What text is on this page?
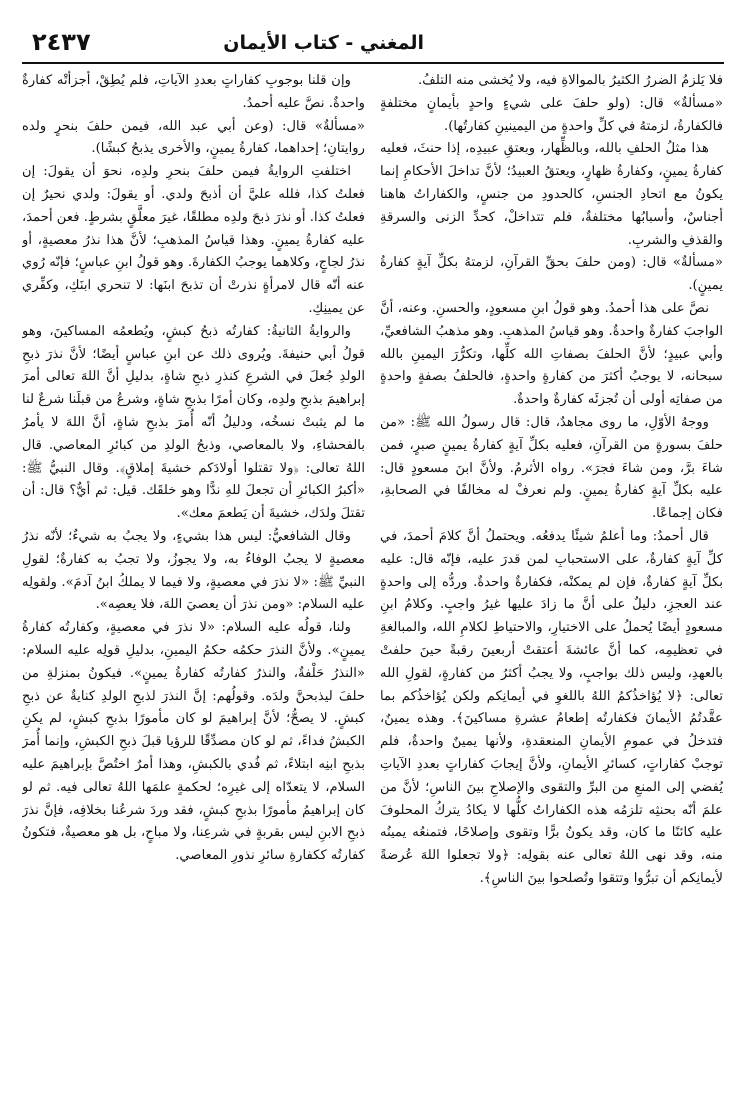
المغني - كتاب الأيمان
٢٤٣٧

فلا يَلزمُ الضررُ الكثيرُ بالموالاةِ فيه، ولا يُخشى منه التلفُ.

«مسألةٌ» قال: (ولو حلفَ على شيءٍ واحدٍ بأيمانٍ مختلفةٍ فالكفارةُ، لزمتهُ في كلِّ واحدةٍ من اليمينينِ كفارتُها).

هذا مثلُ الحلفِ بالله، وبالظِّهار، وبعتقِ عبيدِه، إذا حنثَ، فعليه كفارةُ يمينٍ، وكفارةُ ظهارٍ، ويعتقُ العبيدُ؛ لأنَّ تداخلَ الأحكامِ إنما يكونُ مع اتحادِ الجنسِ، كالحدودِ من جنسٍ، والكفاراتُ هاهنا أجناسٌ، وأسبابُها مختلفةٌ، فلم تتداخلْ، كحدِّ الزنى والسرقةِ والقذفِ والشربِ.

«مسألةٌ» قال: (ومن حلفَ بحقِّ القرآنِ، لزمتهُ بكلِّ آيةٍ كفارةُ يمينٍ).

نصَّ على هذا أحمدُ. وهو قولُ ابنِ مسعودٍ، والحسنِ. وعنه، أنَّ الواجبَ كفارةٌ واحدةٌ. وهو قياسُ المذهبِ. وهو مذهبُ الشافعيِّ، وأبي عبيدٍ؛ لأنَّ الحلفَ بصفاتِ الله كلِّها، وتكرُّرَ اليمينِ بالله سبحانه، لا يوجبُ أكثرَ من كفارةٍ واحدةٍ، فالحلفُ بصفةٍ واحدةٍ من صفاتِه أولى أن تُجزئَه كفارةٌ واحدةٌ.

ووجهُ الأوّلِ، ما روى مجاهدٌ، قال: قال رسولُ الله ﷺ: «من حلفَ بسورةٍ من القرآنِ، فعليه بكلِّ آيةٍ كفارةُ يمينٍ صبرٍ، فمن شاءَ برَّ، ومن شاءَ فجرَ». رواه الأثرمُ. ولأنَّ ابنَ مسعودٍ قال: عليه بكلِّ آيةٍ كفارةُ يمينٍ. ولم نعرفْ له مخالفًا في الصحابةِ، فكان إجماعًا.

قال أحمدُ: وما أعلمُ شيئًا يدفعُه. ويحتملُ أنَّ كلامَ أحمدَ، في كلِّ آيةٍ كفارةٌ، على الاستحبابِ لمن قدرَ عليه، فإنّه قال: عليه بكلِّ آيةٍ كفارةٌ، فإن لم يمكنْه، فكفارةٌ واحدةٌ. وردُّه إلى واحدةٍ عند العجزِ، دليلٌ على أنَّ ما زادَ عليها غيرُ واجبٍ. وكلامُ ابنِ مسعودٍ أيضًا يُحملُ على الاختيارِ، والاحتياطِ لكلامِ الله، والمبالغةِ في تعظيمِه، كما أنَّ عائشةَ أعتقتْ أربعينَ رقبةً حينَ حلفتْ بالعهدِ، وليس ذلك بواجبٍ، ولا يجبُ أكثرُ من كفارةٍ، لقولِ الله تعالى: ﴿لا يُؤاخذُكمُ اللهُ باللغوِ في أيمانِكم ولكن يُؤاخذُكم بما عقَّدتُمُ الأيمانَ فكفارتُه إطعامُ عشرةِ مساكينَ﴾. وهذه يمينٌ، فتدخلُ في عمومِ الأيمانِ المنعقدةِ، ولأنها يمينٌ واحدةٌ، فلم توجبْ كفاراتٍ، كسائرِ الأيمانِ، ولأنَّ إيجابَ كفاراتٍ بعددِ الآياتِ يُفضي إلى المنعِ من البرِّ والتقوى والإصلاحِ بينَ الناسِ؛ لأنَّ من علمَ أنّه بحنثِه تلزمُه هذه الكفاراتُ كلُّها لا يكادُ يتركُ المحلوفَ عليه كائنًا ما كان، وقد يكونُ برًّا وتقوى وإصلاحًا، فتمنعُه يمينُه منه، وقد نهى اللهُ تعالى عنه بقولِه: ﴿ولا تجعلوا اللهَ عُرضةً لأيمانِكم أن تبرُّوا وتتقوا وتُصلحوا بينَ الناسِ﴾.

وإن قلنا بوجوبِ كفاراتٍ بعددِ الآياتِ، فلم يُطِقْ، أجزأتْه كفارةٌ واحدةٌ. نصَّ عليه أحمدُ.

«مسألةٌ» قال: (وعن أبي عبد الله، فيمن حلفَ بنحرٍ ولده روايتانِ؛ إحداهما، كفارةُ يمينٍ، والأخرى يذبحُ كبشًا).

اختلفتِ الروايةُ فيمن حلفَ بنحرِ ولدِه، نحوَ أن يقولَ: إن فعلتُ كذا، فلله عليَّ أن أذبحَ ولدي. أو يقولَ: ولدي نحيرٌ إن فعلتُ كذا. أو نذرَ ذبحَ ولدِه مطلقًا، غيرَ معلَّقٍ بشرطٍ. فعن أحمدَ، عليه كفارةُ يمينٍ. وهذا قياسُ المذهبِ؛ لأنَّ هذا نذرُ معصيةٍ، أو نذرُ لجاجٍ، وكلاهما يوجبُ الكفارةَ. وهو قولُ ابنِ عباسٍ؛ فإنّه رُوي عنه أنّه قال لامرأةٍ نذرتْ أن تذبحَ ابنَها: لا تنحري ابنَكِ، وكفِّري عن يمينِكِ.

والروايةُ الثانيةُ: كفارتُه ذبحُ كبشٍ، ويُطعمُه المساكينَ، وهو قولُ أبي حنيفةَ. ويُروى ذلك عن ابنِ عباسٍ أيضًا؛ لأنَّ نذرَ ذبحِ الولدِ جُعلَ في الشرعِ كنذرِ ذبحِ شاةٍ، بدليلِ أنَّ اللهَ تعالى أمرَ إبراهيمَ بذبحِ ولدِه، وكان أمرًا بذبحِ شاةٍ، وشرعُ من قبلَنا شرعٌ لنا ما لم يثبتْ نسخُه، ودليلُ أنّه أُمرَ بذبحِ شاةٍ، أنَّ اللهَ لا يأمرُ بالفحشاءِ، ولا بالمعاصي، وذبحُ الولدِ من كبائرِ المعاصي. قال اللهُ تعالى: ﴿ولا تقتلوا أولادَكم خشيةَ إملاقٍ﴾. وقال النبيُّ ﷺ: «أكبرُ الكبائرِ أن تجعلَ للهِ ندًّا وهو خلقَك. قيل: ثم أيٌّ؟ قال: أن تقتلَ ولدَك، خشيةَ أن يَطعمَ معك».

وقال الشافعيُّ: ليس هذا بشيءٍ، ولا يجبُ به شيءٌ؛ لأنّه نذرُ معصيةٍ لا يجبُ الوفاءُ به، ولا يجوزُ، ولا تجبُ به كفارةٌ؛ لقولِ النبيِّ ﷺ: «لا نذرَ في معصيةٍ، ولا فيما لا يملكُ ابنُ آدمَ». ولقولِه عليه السلام: «ومن نذرَ أن يعصيَ اللهَ، فلا يعصِه».

ولنا، قولُه عليه السلام: «لا نذرَ في معصيةٍ، وكفارتُه كفارةُ يمينٍ». ولأنَّ النذرَ حكمُه حكمُ اليمينِ، بدليلِ قولِه عليه السلام: «النذرُ حَلْفةٌ، والنذرُ كفارتُه كفارةُ يمينٍ». فيكونُ بمنزلةِ من حلفَ ليذبحنَّ ولدَه. وقولُهم: إنَّ النذرَ لذبحِ الولدِ كنايةٌ عن ذبحِ كبشٍ. لا يصحُّ؛ لأنَّ إبراهيمَ لو كان مأمورًا بذبحِ كبشٍ، لم يكنِ الكبشُ فداءً، ثم لو كان مصدِّقًا للرؤيا قبلَ ذبحِ الكبشِ، وإنما أُمرَ بذبحِ ابنِه ابتلاءً، ثم فُدي بالكبشِ، وهذا أمرٌ اختُصَّ بإبراهيمَ عليه السلام، لا يتعدّاه إلى غيرِه؛ لحكمةٍ علمَها اللهُ تعالى فيه. ثم لو كان إبراهيمُ مأمورًا بذبحِ كبشٍ، فقد وردَ شرعُنا بخلافِه، فإنَّ نذرَ ذبحِ الابنِ ليس بقربةٍ في شرعِنا، ولا مباحٍ، بل هو معصيةٌ، فتكونُ كفارتُه ككفارةِ سائرِ نذورِ المعاصي.
